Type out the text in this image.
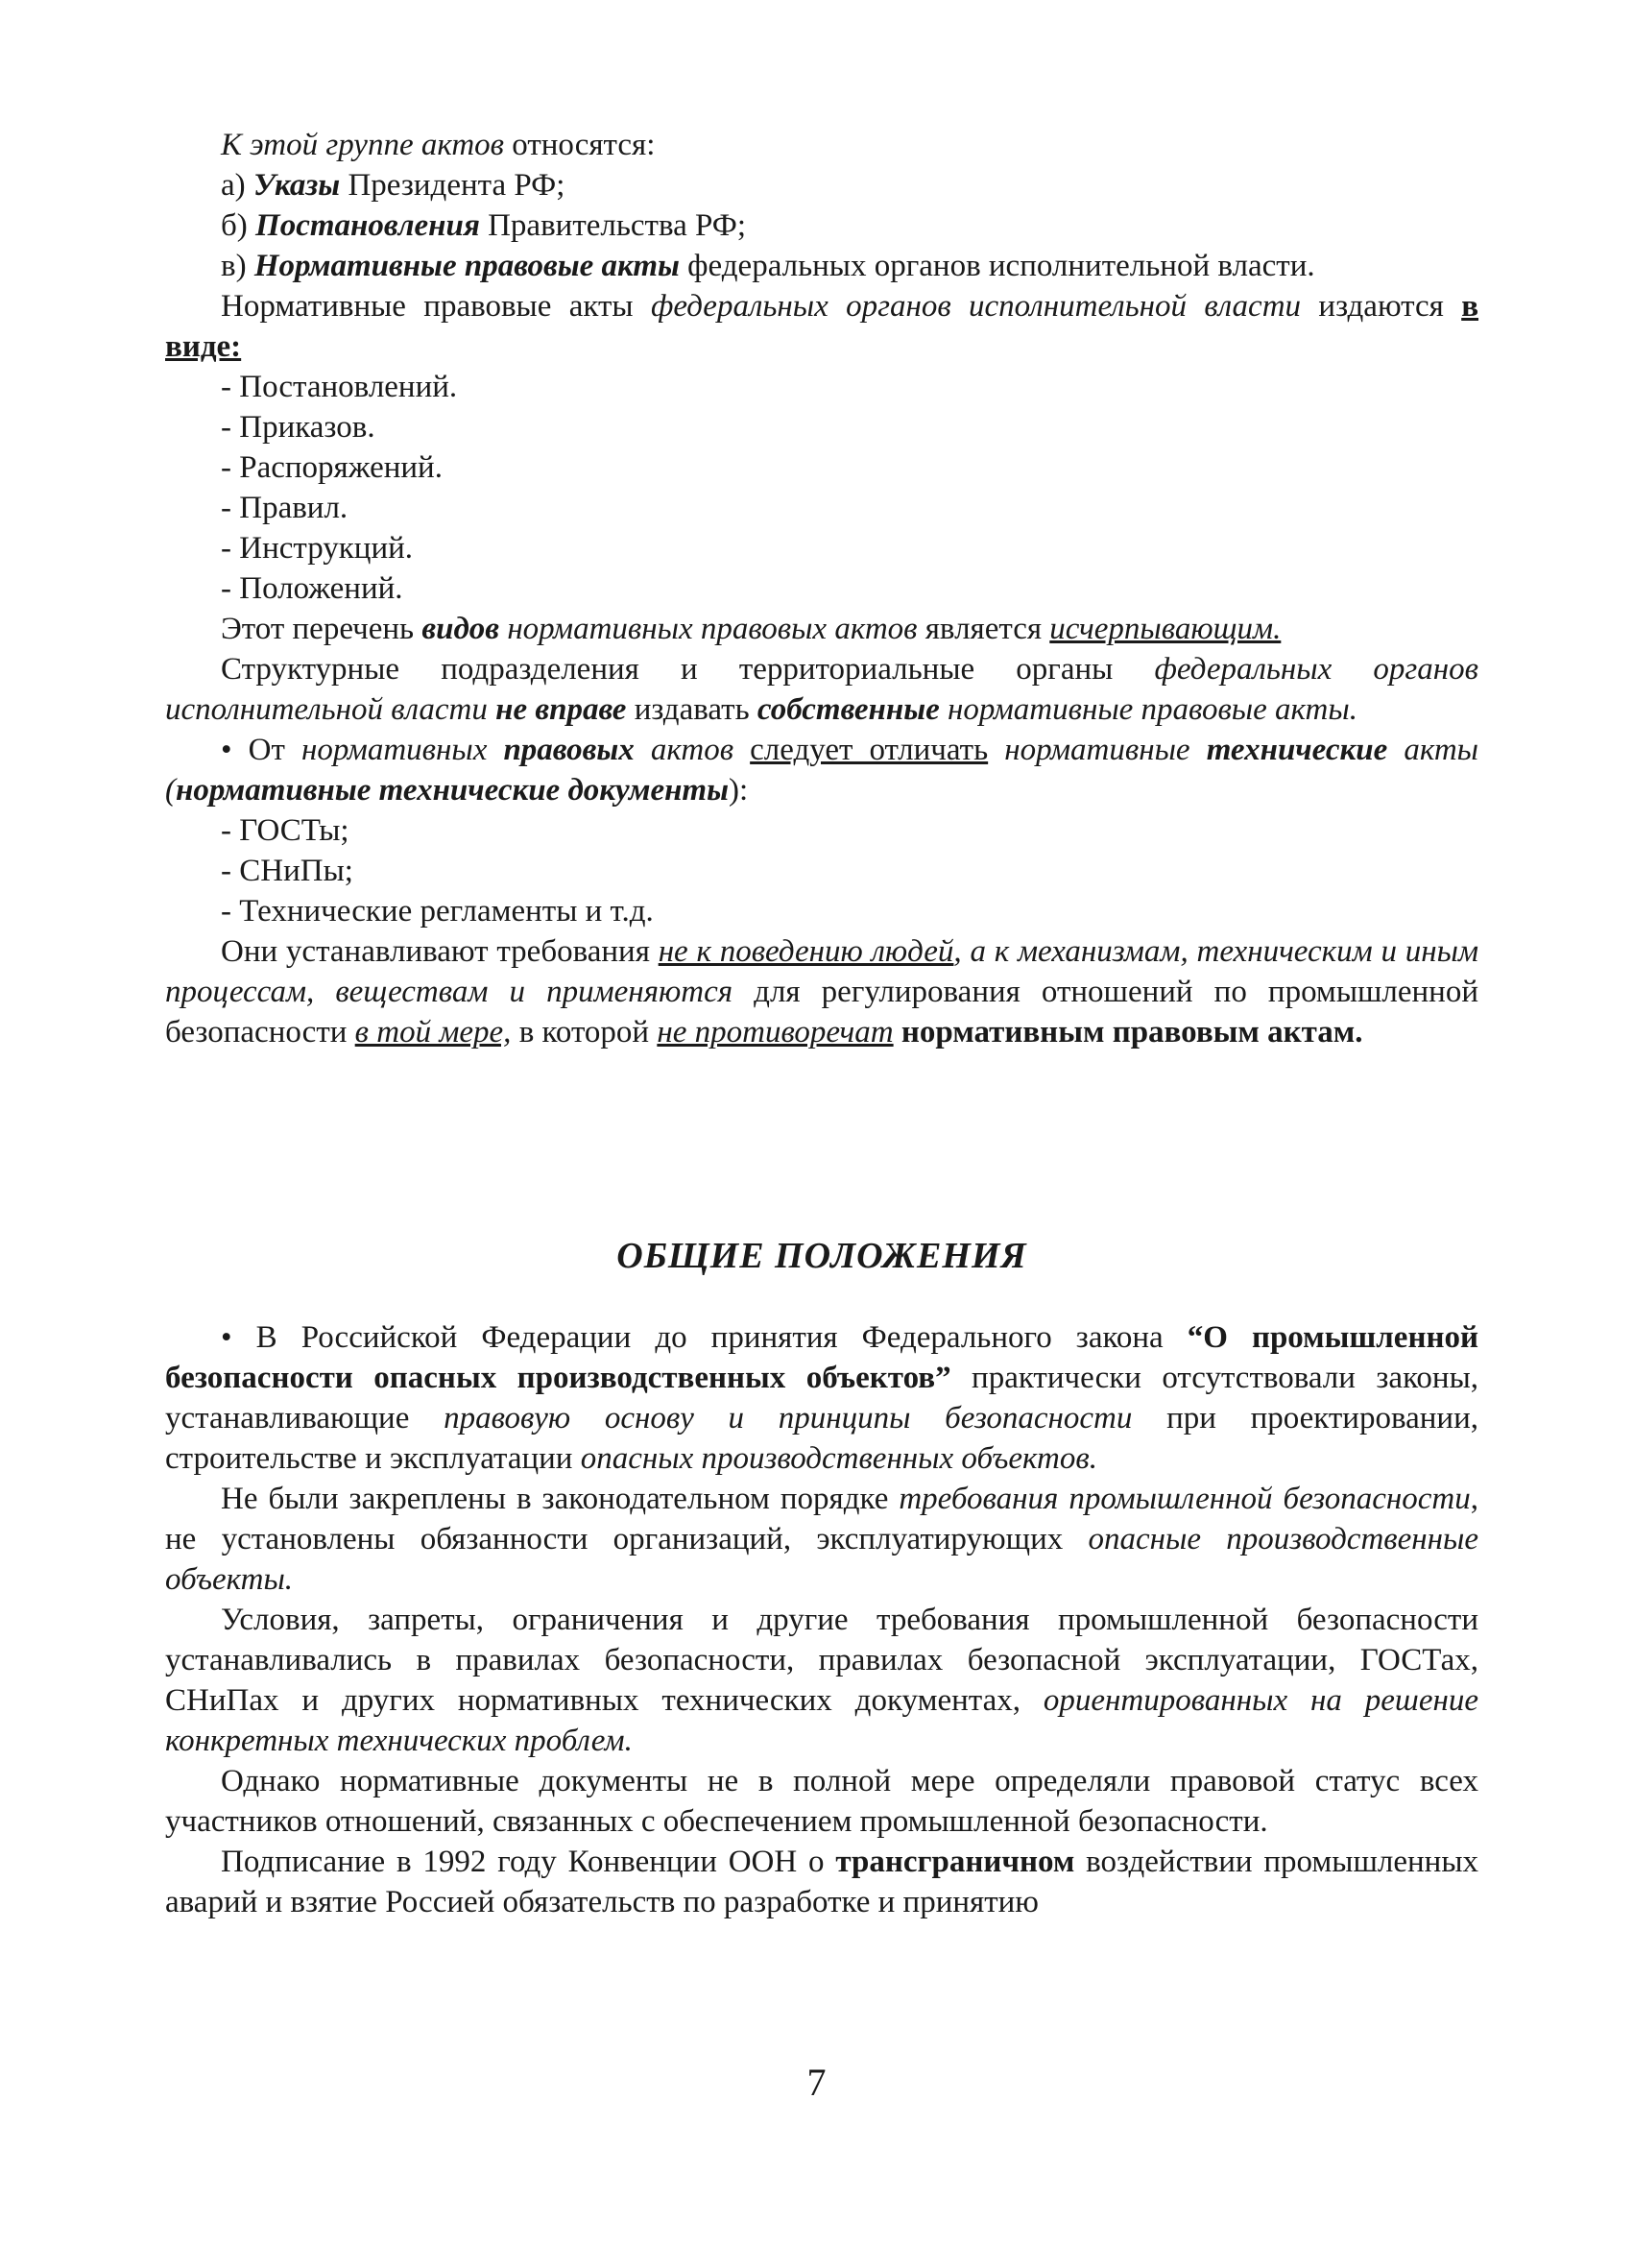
К этой группе актов относятся:

а) Указы Президента РФ;

б) Постановления Правительства РФ;

в) Нормативные правовые акты федеральных органов исполнительной власти.

Нормативные правовые акты федеральных органов исполнительной власти издаются в виде:

- Постановлений.

- Приказов.

- Распоряжений.

- Правил.

- Инструкций.

- Положений.

Этот перечень видов нормативных правовых актов является исчерпывающим.

Структурные подразделения и территориальные органы федеральных органов исполнительной власти не вправе издавать собственные нормативные правовые акты.

• От нормативных правовых актов следует отличать нормативные технические акты (нормативные технические документы):

- ГОСТы;

- СНиПы;

- Технические регламенты и т.д.

Они устанавливают требования не к поведению людей, а к механизмам, техническим и иным процессам, веществам и применяются для регулирования отношений по промышленной безопасности в той мере, в которой не противоречат нормативным правовым актам.

ОБЩИЕ ПОЛОЖЕНИЯ

• В Российской Федерации до принятия Федерального закона “О промышленной безопасности опасных производственных объектов” практически отсутствовали законы, устанавливающие правовую основу и принципы безопасности при проектировании, строительстве и эксплуатации опасных производственных объектов.

Не были закреплены в законодательном порядке требования промышленной безопасности, не установлены обязанности организаций, эксплуатирующих опасные производственные объекты.

Условия, запреты, ограничения и другие требования промышленной безопасности устанавливались в правилах безопасности, правилах безопасной эксплуатации, ГОСТах, СНиПах и других нормативных технических документах, ориентированных на решение конкретных технических проблем.

Однако нормативные документы не в полной мере определяли правовой статус всех участников отношений, связанных с обеспечением промышленной безопасности.

Подписание в 1992 году Конвенции ООН о трансграничном воздействии промышленных аварий и взятие Россией обязательств по разработке и принятию

7
